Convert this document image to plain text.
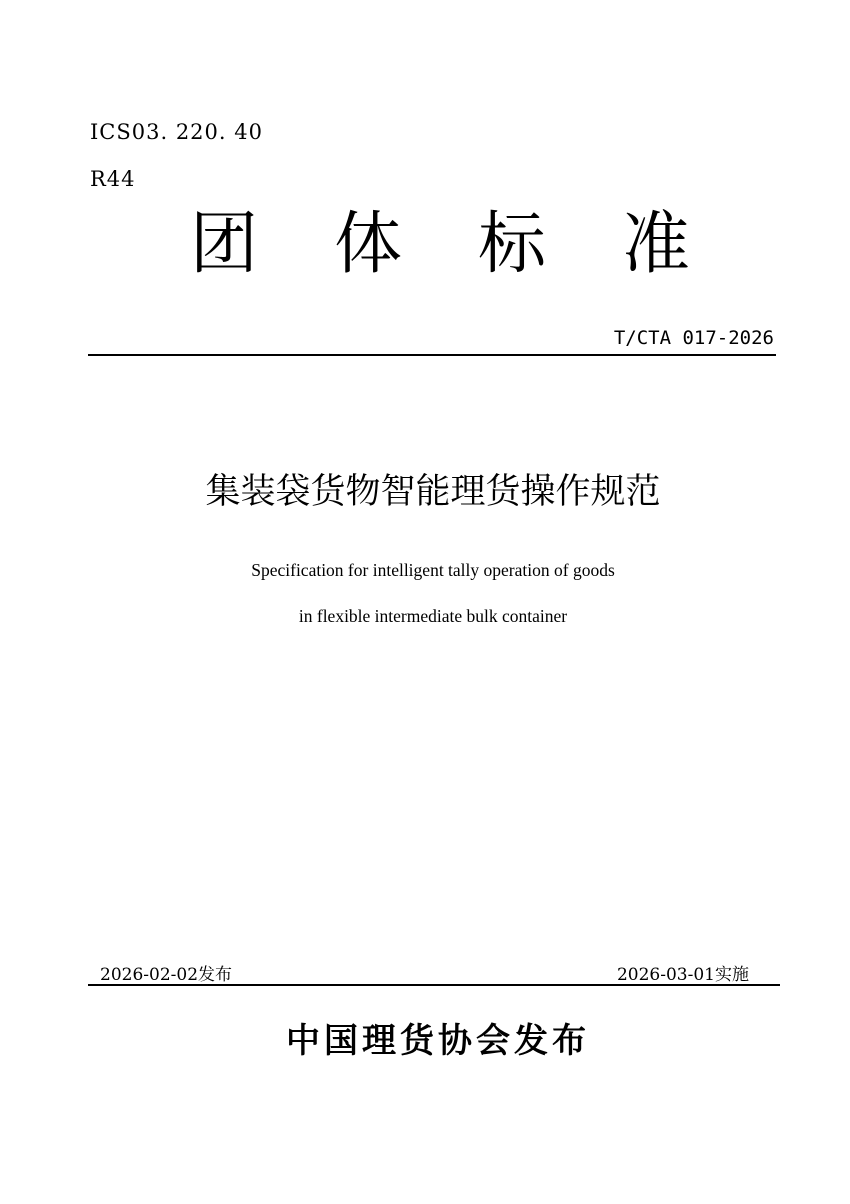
ICS03. 220. 40
R44
团 体 标 准
T/CTA 017-2026
集装袋货物智能理货操作规范
Specification for intelligent tally operation of goods
in flexible intermediate bulk container
2026-02-02发布	2026-03-01实施
中国理货协会发布
